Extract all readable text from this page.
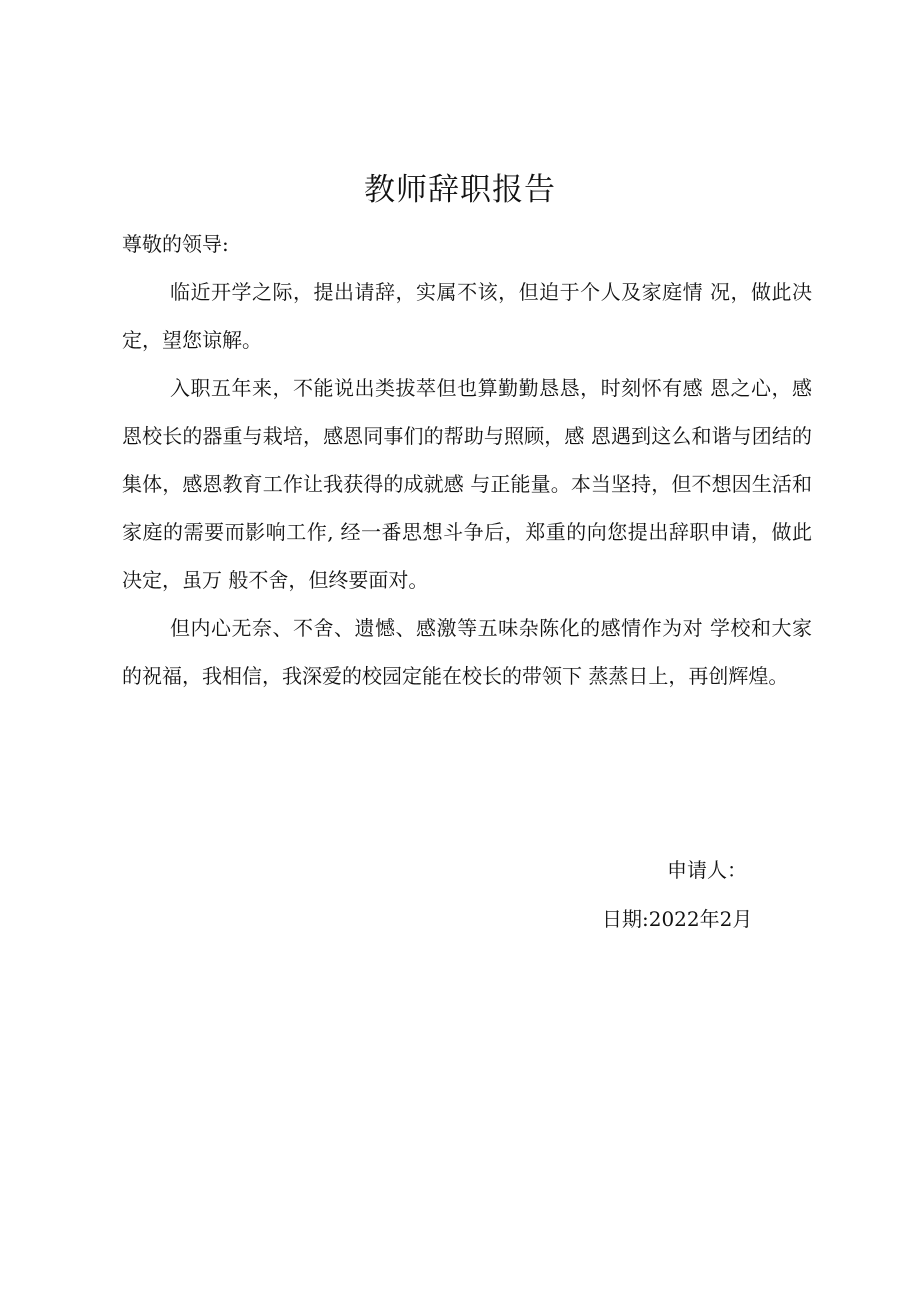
教师辞职报告
尊敬的领导:

临近开学之际，提出请辞，实属不该，但迫于个人及家庭情 况，做此决定，望您谅解。

入职五年来，不能说出类拔萃但也算勤勤恳恳，时刻怀有感 恩之心，感恩校长的器重与栽培，感恩同事们的帮助与照顾，感 恩遇到这么和谐与团结的集体，感恩教育工作让我获得的成就感 与正能量。本当坚持，但不想因生活和家庭的需要而影响工作, 经一番思想斗争后，郑重的向您提出辞职申请，做此决定，虽万 般不舍，但终要面对。

但内心无奈、不舍、遗憾、感激等五味杂陈化的感情作为对 学校和大家的祝福，我相信，我深爱的校园定能在校长的带领下 蒸蒸日上，再创辉煌。

申请人：
日期:2022年2月
